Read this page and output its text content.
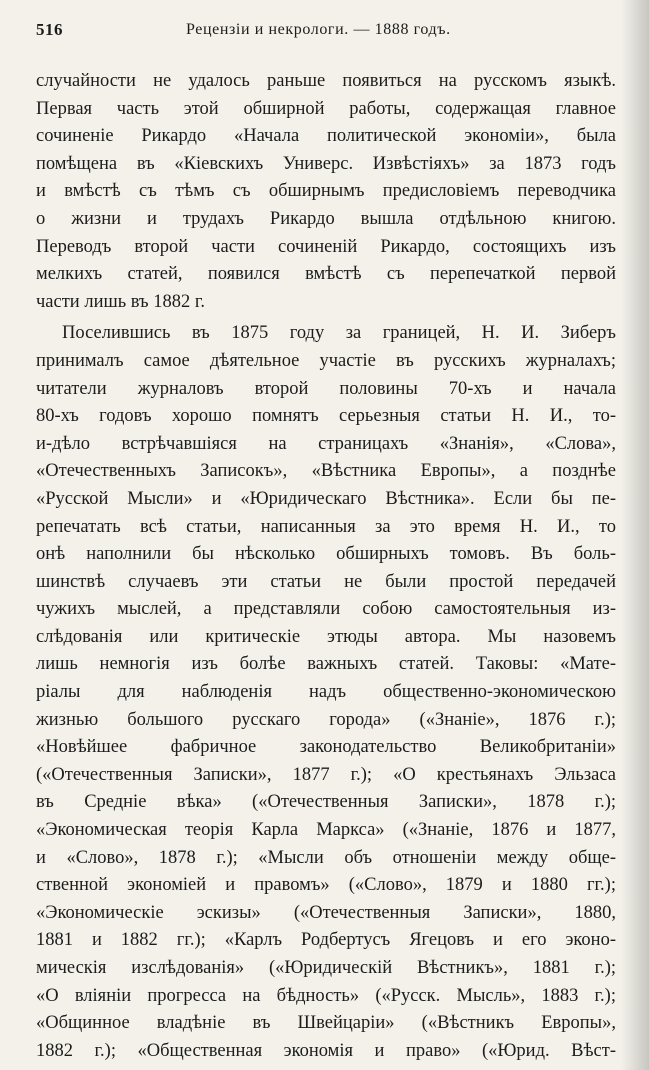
516	Рецензіи и некрологи. — 1888 годъ.
случайности не удалось раньше появиться на русскомъ языкѣ.
Первая часть этой обширной работы, содержащая главное
сочиненіе Рикардо «Начала политической экономіи», была
помѣщена въ «Кіевскихъ Универс. Извѣстіяхъ» за 1873 годъ
и вмѣстѣ съ тѣмъ съ обширнымъ предисловіемъ переводчика
о жизни и трудахъ Рикардо вышла отдѣльною книгою.
Переводъ второй части сочиненій Рикардо, состоящихъ изъ
мелкихъ статей, появился вмѣстѣ съ перепечаткой первой
части лишь въ 1882 г.
Поселившись въ 1875 году за границей, Н. И. Зиберъ
принималъ самое дѣятельное участіе въ русскихъ журналахъ;
читатели журналовъ второй половины 70-хъ и начала
80-хъ годовъ хорошо помнятъ серьезныя статьи Н. И., то-
и-дѣло встрѣчавшіяся на страницахъ «Знанія», «Слова»,
«Отечественныхъ Записокъ», «Вѣстника Европы», а позднѣе
«Русской Мысли» и «Юридическаго Вѣстника». Если бы пе-
репечатать всѣ статьи, написанныя за это время Н. И., то
онѣ наполнили бы нѣсколько обширныхъ томовъ. Въ боль-
шинствѣ случаевъ эти статьи не были простой передачей
чужихъ мыслей, а представляли собою самостоятельныя из-
слѣдованія или критическіе этюды автора. Мы назовемъ
лишь немногія изъ болѣе важныхъ статей. Таковы: «Мате-
ріалы для наблюденія надъ общественно-экономическою
жизнью большого русскаго города» («Знаніе», 1876 г.);
«Новѣйшее фабричное законодательство Великобританіи»
(«Отечественныя Записки», 1877 г.); «О крестьянахъ Эльзаса
въ Средніе вѣка» («Отечественныя Записки», 1878 г.);
«Экономическая теорія Карла Маркса» («Знаніе, 1876 и 1877,
и «Слово», 1878 г.); «Мысли объ отношеніи между обще-
ственной экономіей и правомъ» («Слово», 1879 и 1880 гг.);
«Экономическіе эскизы» («Отечественныя Записки», 1880,
1881 и 1882 гг.); «Карлъ Родбертусъ Ягецовъ и его эконо-
мическія изслѣдованія» («Юридическій Вѣстникъ», 1881 г.);
«О вліяніи прогресса на бѣдность» («Русск. Мысль», 1883 г.);
«Общинное владѣніе въ Швейцаріи» («Вѣстникъ Европы»,
1882 г.); «Общественная экономія и право» («Юрид. Вѣст-
